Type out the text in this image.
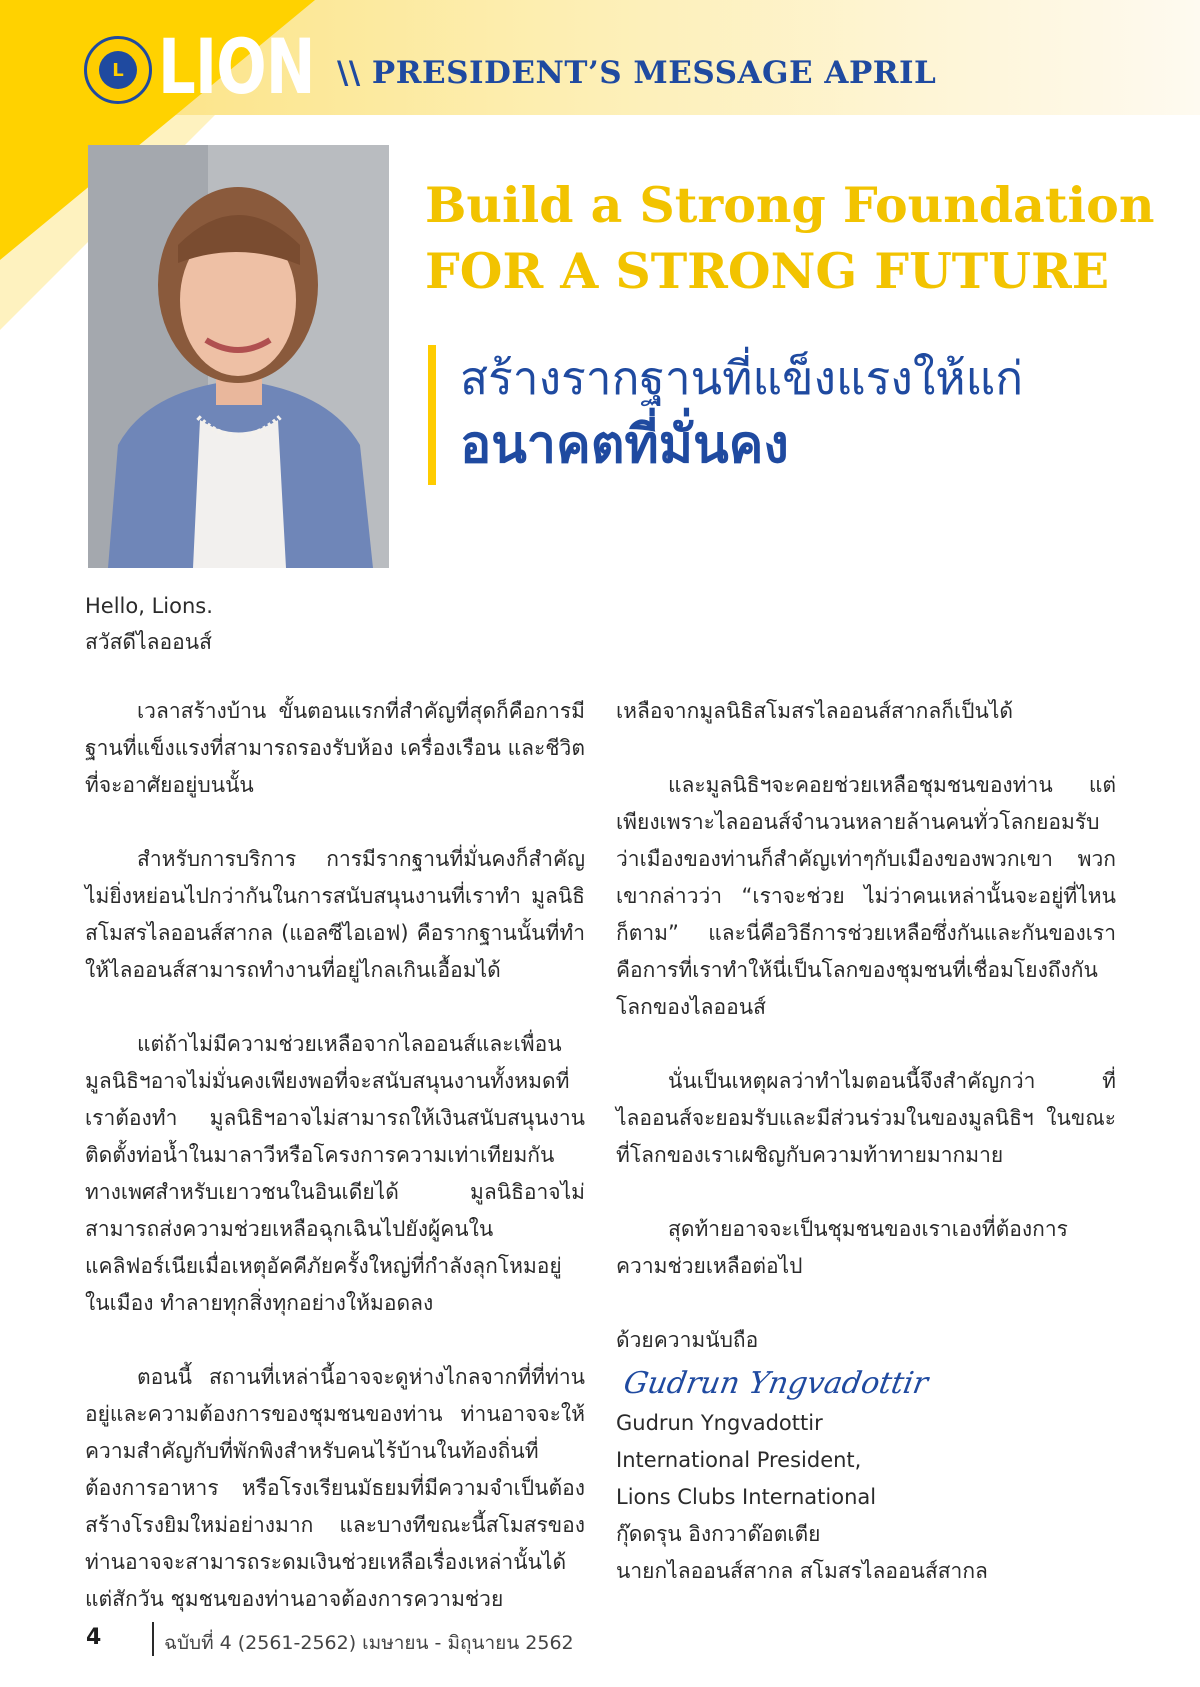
L LION \\ PRESIDENT’S MESSAGE APRIL
Build a Strong Foundation
FOR A STRONG FUTURE
สร้างรากฐานที่แข็งแรงให้แก่
อนาคตที่มั่นคง
Hello, Lions.
สวัสดีไลออนส์

เวลาสร้างบ้าน ขั้นตอนแรกที่สำคัญที่สุดก็คือการมีฐานที่แข็งแรงที่สามารถรองรับห้อง เครื่องเรือน และชีวิตที่จะอาศัยอยู่บนนั้น

สำหรับการบริการ การมีรากฐานที่มั่นคงก็สำคัญไม่ยิ่งหย่อนไปกว่ากันในการสนับสนุนงานที่เราทำ มูลนิธิสโมสรไลออนส์สากล (แอลซีไอเอฟ) คือรากฐานนั้นที่ทำให้ไลออนส์สามารถทำงานที่อยู่ไกลเกินเอื้อมได้

แต่ถ้าไม่มีความช่วยเหลือจากไลออนส์และเพื่อนมูลนิธิฯอาจไม่มั่นคงเพียงพอที่จะสนับสนุนงานทั้งหมดที่เราต้องทำ มูลนิธิฯอาจไม่สามารถให้เงินสนับสนุนงานติดตั้งท่อน้ำในมาลาวีหรือโครงการความเท่าเทียมกันทางเพศสำหรับเยาวชนในอินเดียได้ มูลนิธิอาจไม่สามารถส่งความช่วยเหลือฉุกเฉินไปยังผู้คนในแคลิฟอร์เนียเมื่อเหตุอัคคีภัยครั้งใหญ่ที่กำลังลุกโหมอยู่ในเมือง ทำลายทุกสิ่งทุกอย่างให้มอดลง

ตอนนี้ สถานที่เหล่านี้อาจจะดูห่างไกลจากที่ที่ท่านอยู่และความต้องการของชุมชนของท่าน ท่านอาจจะให้ความสำคัญกับที่พักพิงสำหรับคนไร้บ้านในท้องถิ่นที่ต้องการอาหาร หรือโรงเรียนมัธยมที่มีความจำเป็นต้องสร้างโรงยิมใหม่อย่างมาก และบางทีขณะนี้สโมสรของท่านอาจจะสามารถระดมเงินช่วยเหลือเรื่องเหล่านั้นได้ แต่สักวัน ชุมชนของท่านอาจต้องการความช่วย

เหลือจากมูลนิธิสโมสรไลออนส์สากลก็เป็นได้

และมูลนิธิฯจะคอยช่วยเหลือชุมชนของท่าน แต่เพียงเพราะไลออนส์จำนวนหลายล้านคนทั่วโลกยอมรับว่าเมืองของท่านก็สำคัญเท่าๆกับเมืองของพวกเขา พวกเขากล่าวว่า “เราจะช่วย ไม่ว่าคนเหล่านั้นจะอยู่ที่ไหนก็ตาม” และนี่คือวิธีการช่วยเหลือซึ่งกันและกันของเรา คือการที่เราทำให้นี่เป็นโลกของชุมชนที่เชื่อมโยงถึงกัน โลกของไลออนส์

นั่นเป็นเหตุผลว่าทำไมตอนนี้จึงสำคัญกว่า ที่ไลออนส์จะยอมรับและมีส่วนร่วมในของมูลนิธิฯ ในขณะที่โลกของเราเผชิญกับความท้าทายมากมาย

สุดท้ายอาจจะเป็นชุมชนของเราเองที่ต้องการความช่วยเหลือต่อไป

ด้วยความนับถือ
Gudrun Yngvadottir
Gudrun Yngvadottir
International President,
Lions Clubs International
กุ๊ดดรุน อิงกวาด๊อตเตีย
นายกไลออนส์สากล สโมสรไลออนส์สากล
4	ฉบับที่ 4 (2561-2562) เมษายน - มิถุนายน 2562
